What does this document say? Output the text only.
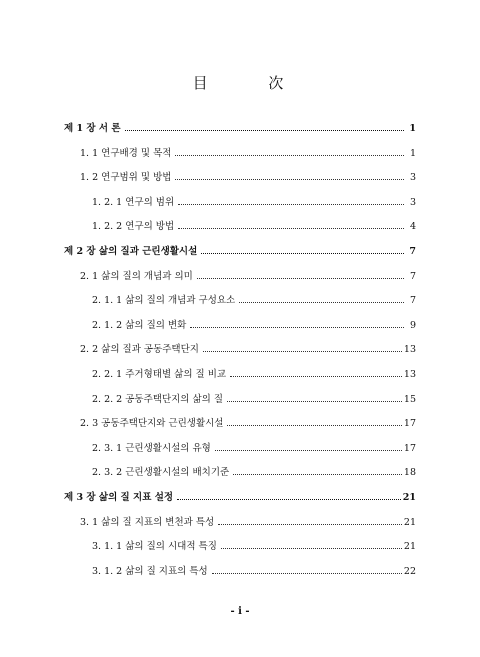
目 次
제 1 장 서 론	1
1. 1 연구배경 및 목적	1
1. 2 연구범위 및 방법	3
1. 2. 1 연구의 범위	3
1. 2. 2 연구의 방법	4
제 2 장 삶의 질과 근린생활시설	7
2. 1 삶의 질의 개념과 의미	7
2. 1. 1 삶의 질의 개념과 구성요소	7
2. 1. 2 삶의 질의 변화	9
2. 2 삶의 질과 공동주택단지	13
2. 2. 1 주거형태별 삶의 질 비교	13
2. 2. 2 공동주택단지의 삶의 질	15
2. 3 공동주택단지와 근린생활시설	17
2. 3. 1 근린생활시설의 유형	17
2. 3. 2 근린생활시설의 배치기준	18
제 3 장 삶의 질 지표 설정	21
3. 1 삶의 질 지표의 변천과 특성	21
3. 1. 1 삶의 질의 시대적 특징	21
3. 1. 2 삶의 질 지표의 특성	22
- i -
